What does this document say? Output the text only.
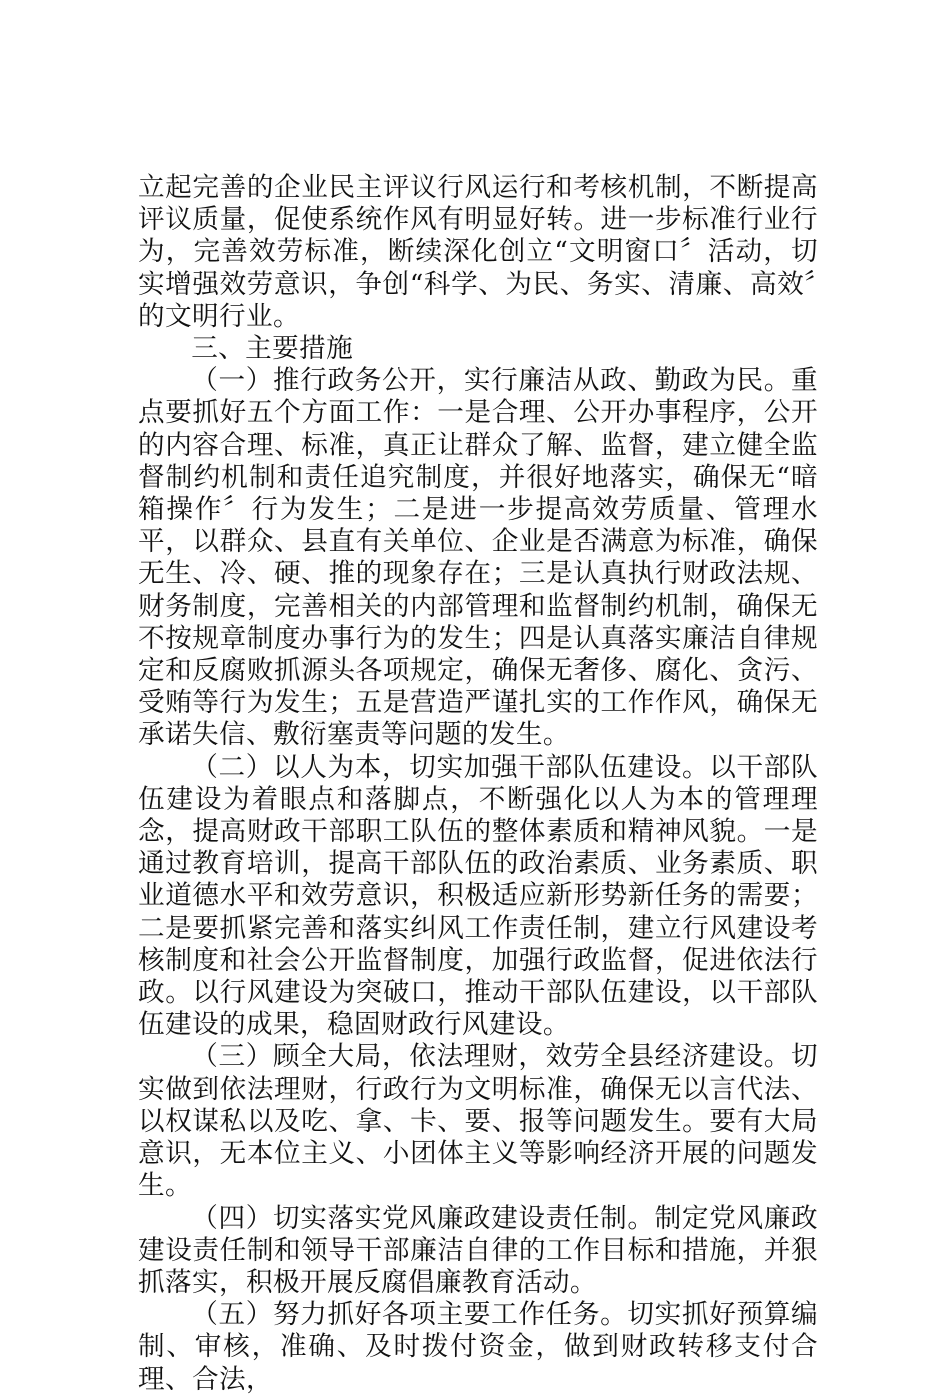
立起完善的企业民主评议行风运行和考核机制，不断提高评议质量，促使系统作风有明显好转。进一步标准行业行为，完善效劳标准，断续深化创立“文明窗口〞活动，切实增强效劳意识，争创“科学、为民、务实、清廉、高效〞的文明行业。

三、主要措施

（一）推行政务公开，实行廉洁从政、勤政为民。重点要抓好五个方面工作：一是合理、公开办事程序，公开的内容合理、标准，真正让群众了解、监督，建立健全监督制约机制和责任追究制度，并很好地落实，确保无“暗箱操作〞行为发生；二是进一步提高效劳质量、管理水平，以群众、县直有关单位、企业是否满意为标准，确保无生、冷、硬、推的现象存在；三是认真执行财政法规、财务制度，完善相关的内部管理和监督制约机制，确保无不按规章制度办事行为的发生；四是认真落实廉洁自律规定和反腐败抓源头各项规定，确保无奢侈、腐化、贪污、受贿等行为发生；五是营造严谨扎实的工作作风，确保无承诺失信、敷衍塞责等问题的发生。

（二）以人为本，切实加强干部队伍建设。以干部队伍建设为着眼点和落脚点，不断强化以人为本的管理理念，提高财政干部职工队伍的整体素质和精神风貌。一是通过教育培训，提高干部队伍的政治素质、业务素质、职业道德水平和效劳意识，积极适应新形势新任务的需要；二是要抓紧完善和落实纠风工作责任制，建立行风建设考核制度和社会公开监督制度，加强行政监督，促进依法行政。以行风建设为突破口，推动干部队伍建设，以干部队伍建设的成果，稳固财政行风建设。

（三）顾全大局，依法理财，效劳全县经济建设。切实做到依法理财，行政行为文明标准，确保无以言代法、以权谋私以及吃、拿、卡、要、报等问题发生。要有大局意识，无本位主义、小团体主义等影响经济开展的问题发生。

（四）切实落实党风廉政建设责任制。制定党风廉政建设责任制和领导干部廉洁自律的工作目标和措施，并狠抓落实，积极开展反腐倡廉教育活动。

（五）努力抓好各项主要工作任务。切实抓好预算编制、审核，准确、及时拨付资金，做到财政转移支付合理、合法，
